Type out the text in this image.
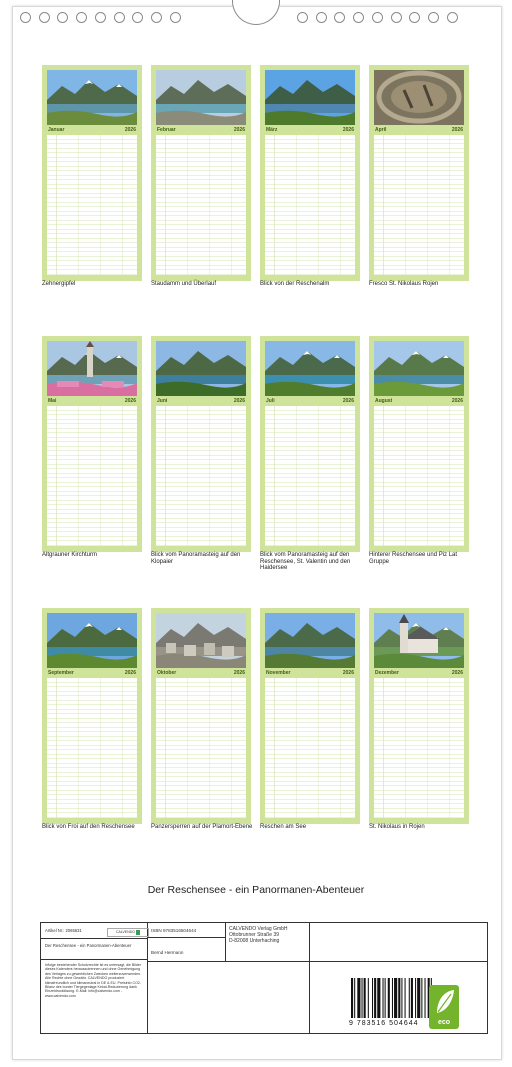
Januar	2026
Zehnergipfel
Februar	2026
Staudamm und Überlauf
März	2026
Blick von der Reschenalm
April	2026
Fresco St. Nikolaus Rojen
Mai	2026
Altgrauner Kirchturm
Juni	2026
Blick vom Panoramasteig auf den Klopaier
Juli	2026
Blick vom Panoramasteig auf den Reschensee, St. Valentin und den Haidersee
August	2026
Hinterer Reschensee und Piz Lat Gruppe
September	2026
Blick von Froi auf den Reschensee
Oktober	2026
Panzersperren auf der Plamort-Ebene
November	2026
Reschen am See
Dezember	2026
St. Nikolaus in Rojen
Der Reschensee - ein Panormanen-Abenteuer
Artikel Nr.: 2065631	CALVENDO
Der Reschensee - ein Panormanen-Abenteuer
Infolge bestehender Schutzrechte ist es untersagt, die Bilder dieses Kalenders herauszutrennen und ohne Genehmigung des Verlages zu gewerblichen Zwecken weiterzuverwenden. Alle Rechte ohne Gewähr. CALVENDO produziert klimafreundlich und klimaneutral in DE & EU. Preisinfo CO2-Bilanz des bunter Tiergegenlage Kekal-Reduzierung dank Einzeldrucklösung. E-Mail: info@calvendo.com - www.calvendo.com
ISBN 9783516504644
Bernd Hermann
CALVENDO Verlag GmbH
Ottobrunner Straße 39
D-82008 Unterhaching
9 783516 504644	eco
